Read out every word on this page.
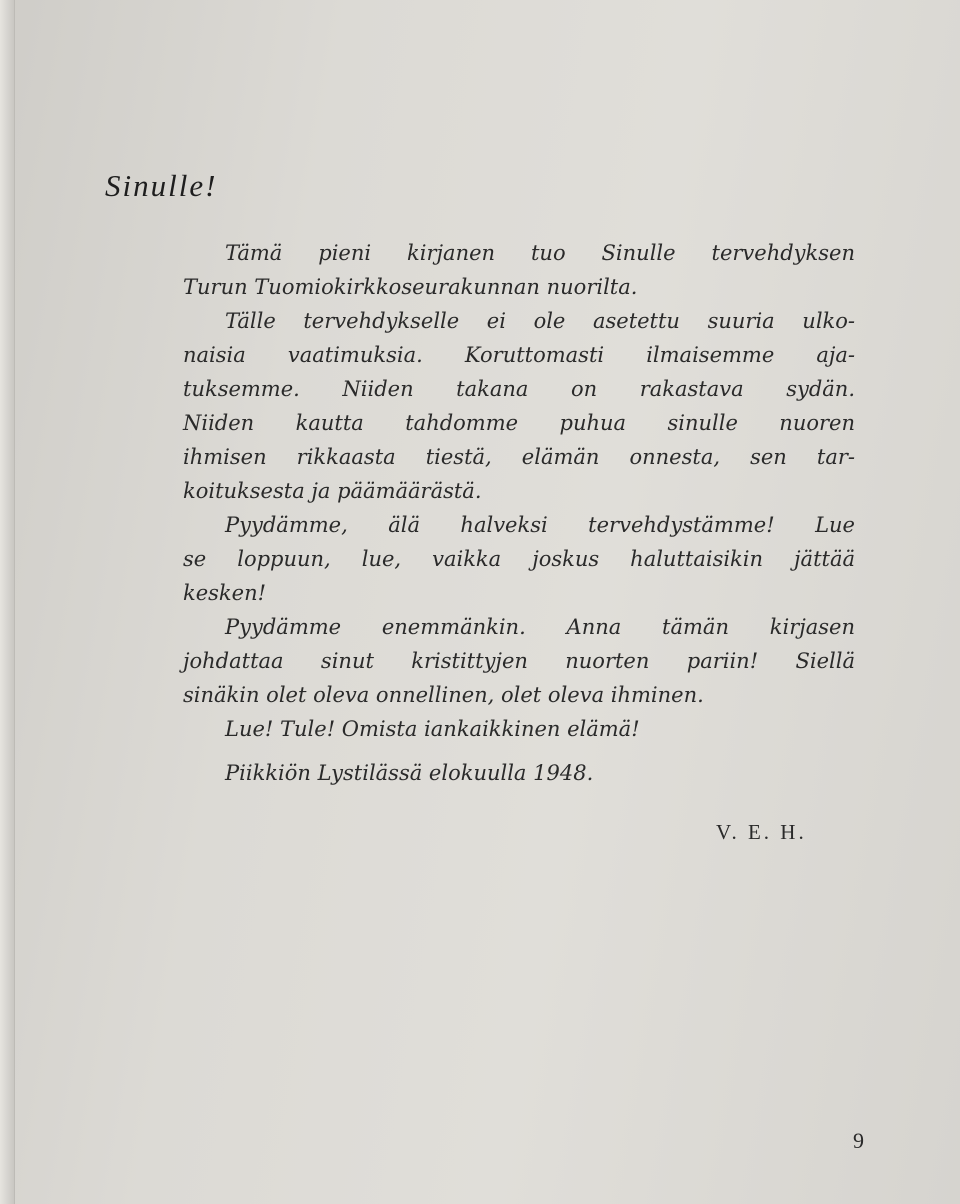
Sinulle!
Tämä pieni kirjanen tuo Sinulle tervehdyksen
Turun Tuomiokirkkoseurakunnan nuorilta.
Tälle tervehdykselle ei ole asetettu suuria ulko-
naisia vaatimuksia. Koruttomasti ilmaisemme aja-
tuksemme. Niiden takana on rakastava sydän.
Niiden kautta tahdomme puhua sinulle nuoren
ihmisen rikkaasta tiestä, elämän onnesta, sen tar-
koituksesta ja päämäärästä.
Pyydämme, älä halveksi tervehdystämme! Lue
se loppuun, lue, vaikka joskus haluttaisikin jättää
kesken!
Pyydämme enemmänkin. Anna tämän kirjasen
johdattaa sinut kristittyjen nuorten pariin! Siellä
sinäkin olet oleva onnellinen, olet oleva ihminen.
Lue! Tule! Omista iankaikkinen elämä!
Piikkiön Lystilässä elokuulla 1948.
V. E. H.
9
